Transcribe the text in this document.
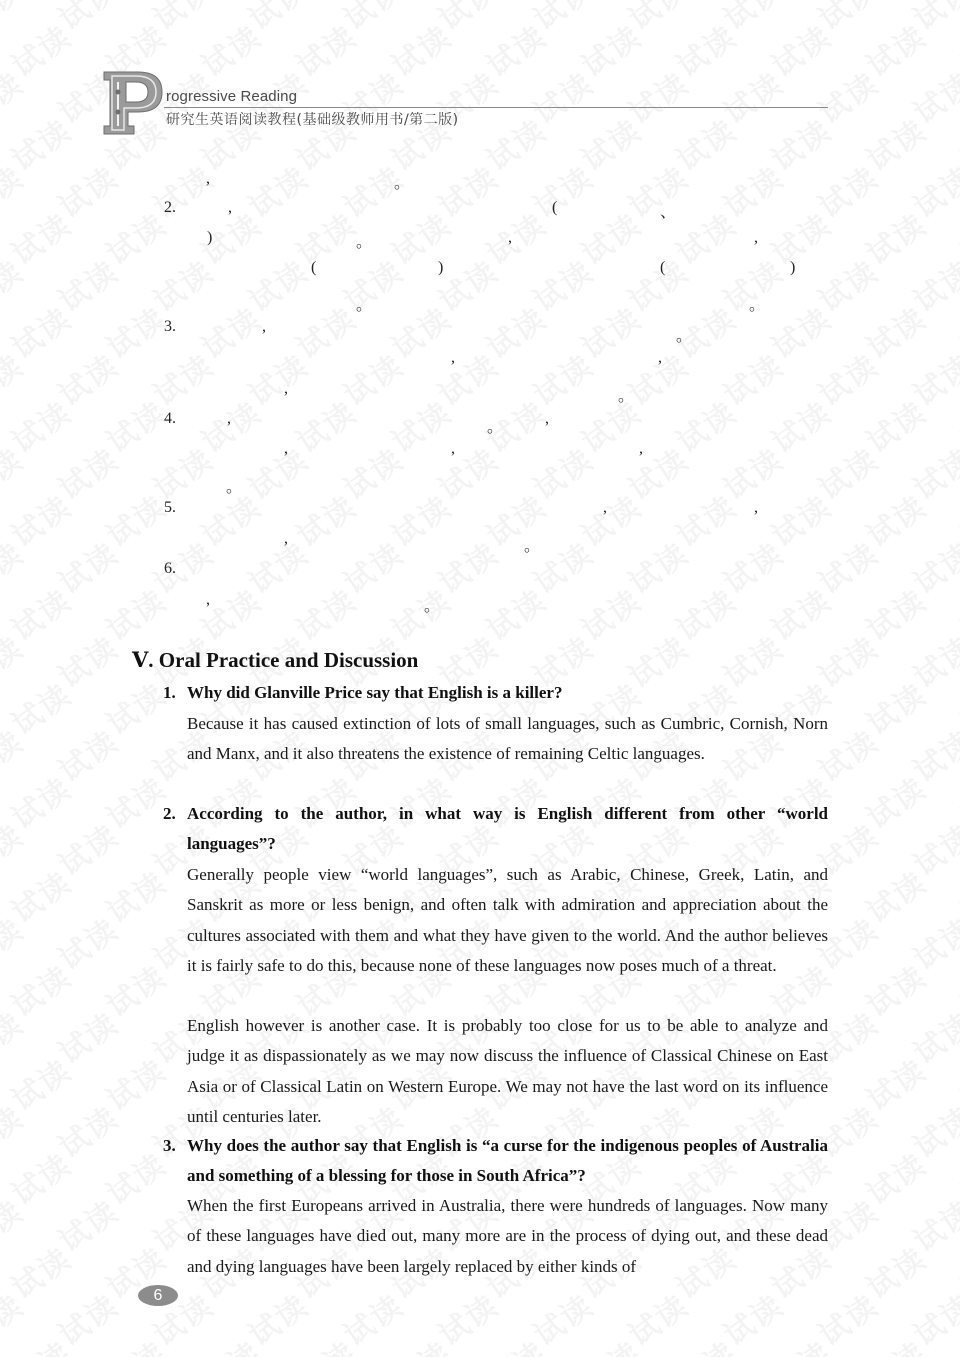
rogressive Reading
研究生英语阅读教程(基础级教师用书/第二版)
,	。
2.	,	(	、
)	。	,	,
(	)	(	)
。	。
3.	,
。
,	,
,	。
4.	,
。
,
,	,	,
。
5.	,	,
,	。
6.
,	。
Ⅴ. Oral Practice and Discussion
1. Why did Glanville Price say that English is a killer?
Because it has caused extinction of lots of small languages, such as Cumbric, Cornish, Norn and Manx, and it also threatens the existence of remaining Celtic languages.
2. According to the author, in what way is English different from other “world languages”?
Generally people view “world languages”, such as Arabic, Chinese, Greek, Latin, and Sanskrit as more or less benign, and often talk with admiration and appreciation about the cultures associated with them and what they have given to the world. And the author believes it is fairly safe to do this, because none of these languages now poses much of a threat.
English however is another case. It is probably too close for us to be able to analyze and judge it as dispassionately as we may now discuss the influence of Classical Chinese on East Asia or of Classical Latin on Western Europe. We may not have the last word on its influence until centuries later.
3. Why does the author say that English is “a curse for the indigenous peoples of Australia and something of a blessing for those in South Africa”?
When the first Europeans arrived in Australia, there were hundreds of languages. Now many of these languages have died out, many more are in the process of dying out, and these dead and dying languages have been largely replaced by either kinds of
6
